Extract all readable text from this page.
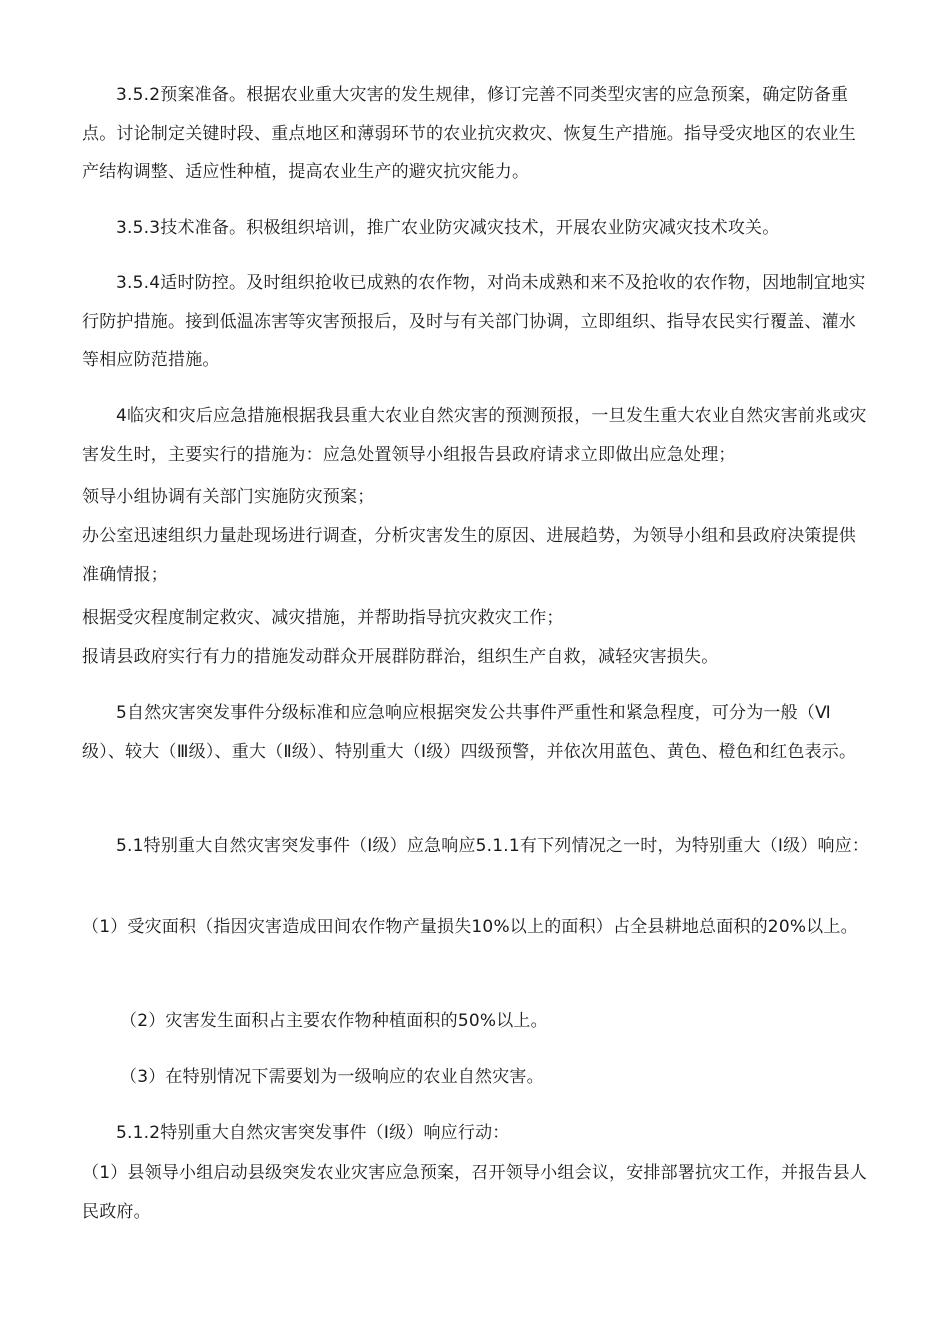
3.5.2预案准备。根据农业重大灾害的发生规律，修订完善不同类型灾害的应急预案，确定防备重点。讨论制定关键时段、重点地区和薄弱环节的农业抗灾救灾、恢复生产措施。指导受灾地区的农业生产结构调整、适应性种植，提高农业生产的避灾抗灾能力。

3.5.3技术准备。积极组织培训，推广农业防灾减灾技术，开展农业防灾减灾技术攻关。

3.5.4适时防控。及时组织抢收已成熟的农作物，对尚未成熟和来不及抢收的农作物，因地制宜地实行防护措施。接到低温冻害等灾害预报后，及时与有关部门协调，立即组织、指导农民实行覆盖、灌水等相应防范措施。

4临灾和灾后应急措施根据我县重大农业自然灾害的预测预报，一旦发生重大农业自然灾害前兆或灾害发生时，主要实行的措施为：应急处置领导小组报告县政府请求立即做出应急处理；

领导小组协调有关部门实施防灾预案；

办公室迅速组织力量赴现场进行调查，分析灾害发生的原因、进展趋势，为领导小组和县政府决策提供准确情报；

根据受灾程度制定救灾、减灾措施，并帮助指导抗灾救灾工作；

报请县政府实行有力的措施发动群众开展群防群治，组织生产自救，减轻灾害损失。

5自然灾害突发事件分级标准和应急响应根据突发公共事件严重性和紧急程度，可分为一般（Ⅵ级）、较大（Ⅲ级）、重大（Ⅱ级）、特别重大（Ⅰ级）四级预警，并依次用蓝色、黄色、橙色和红色表示。

5.1特别重大自然灾害突发事件（Ⅰ级）应急响应5.1.1有下列情况之一时，为特别重大（Ⅰ级）响应：

（1）受灾面积（指因灾害造成田间农作物产量损失10%以上的面积）占全县耕地总面积的20%以上。

（2）灾害发生面积占主要农作物种植面积的50%以上。

（3）在特别情况下需要划为一级响应的农业自然灾害。

5.1.2特别重大自然灾害突发事件（Ⅰ级）响应行动：

（1）县领导小组启动县级突发农业灾害应急预案，召开领导小组会议，安排部署抗灾工作，并报告县人民政府。
